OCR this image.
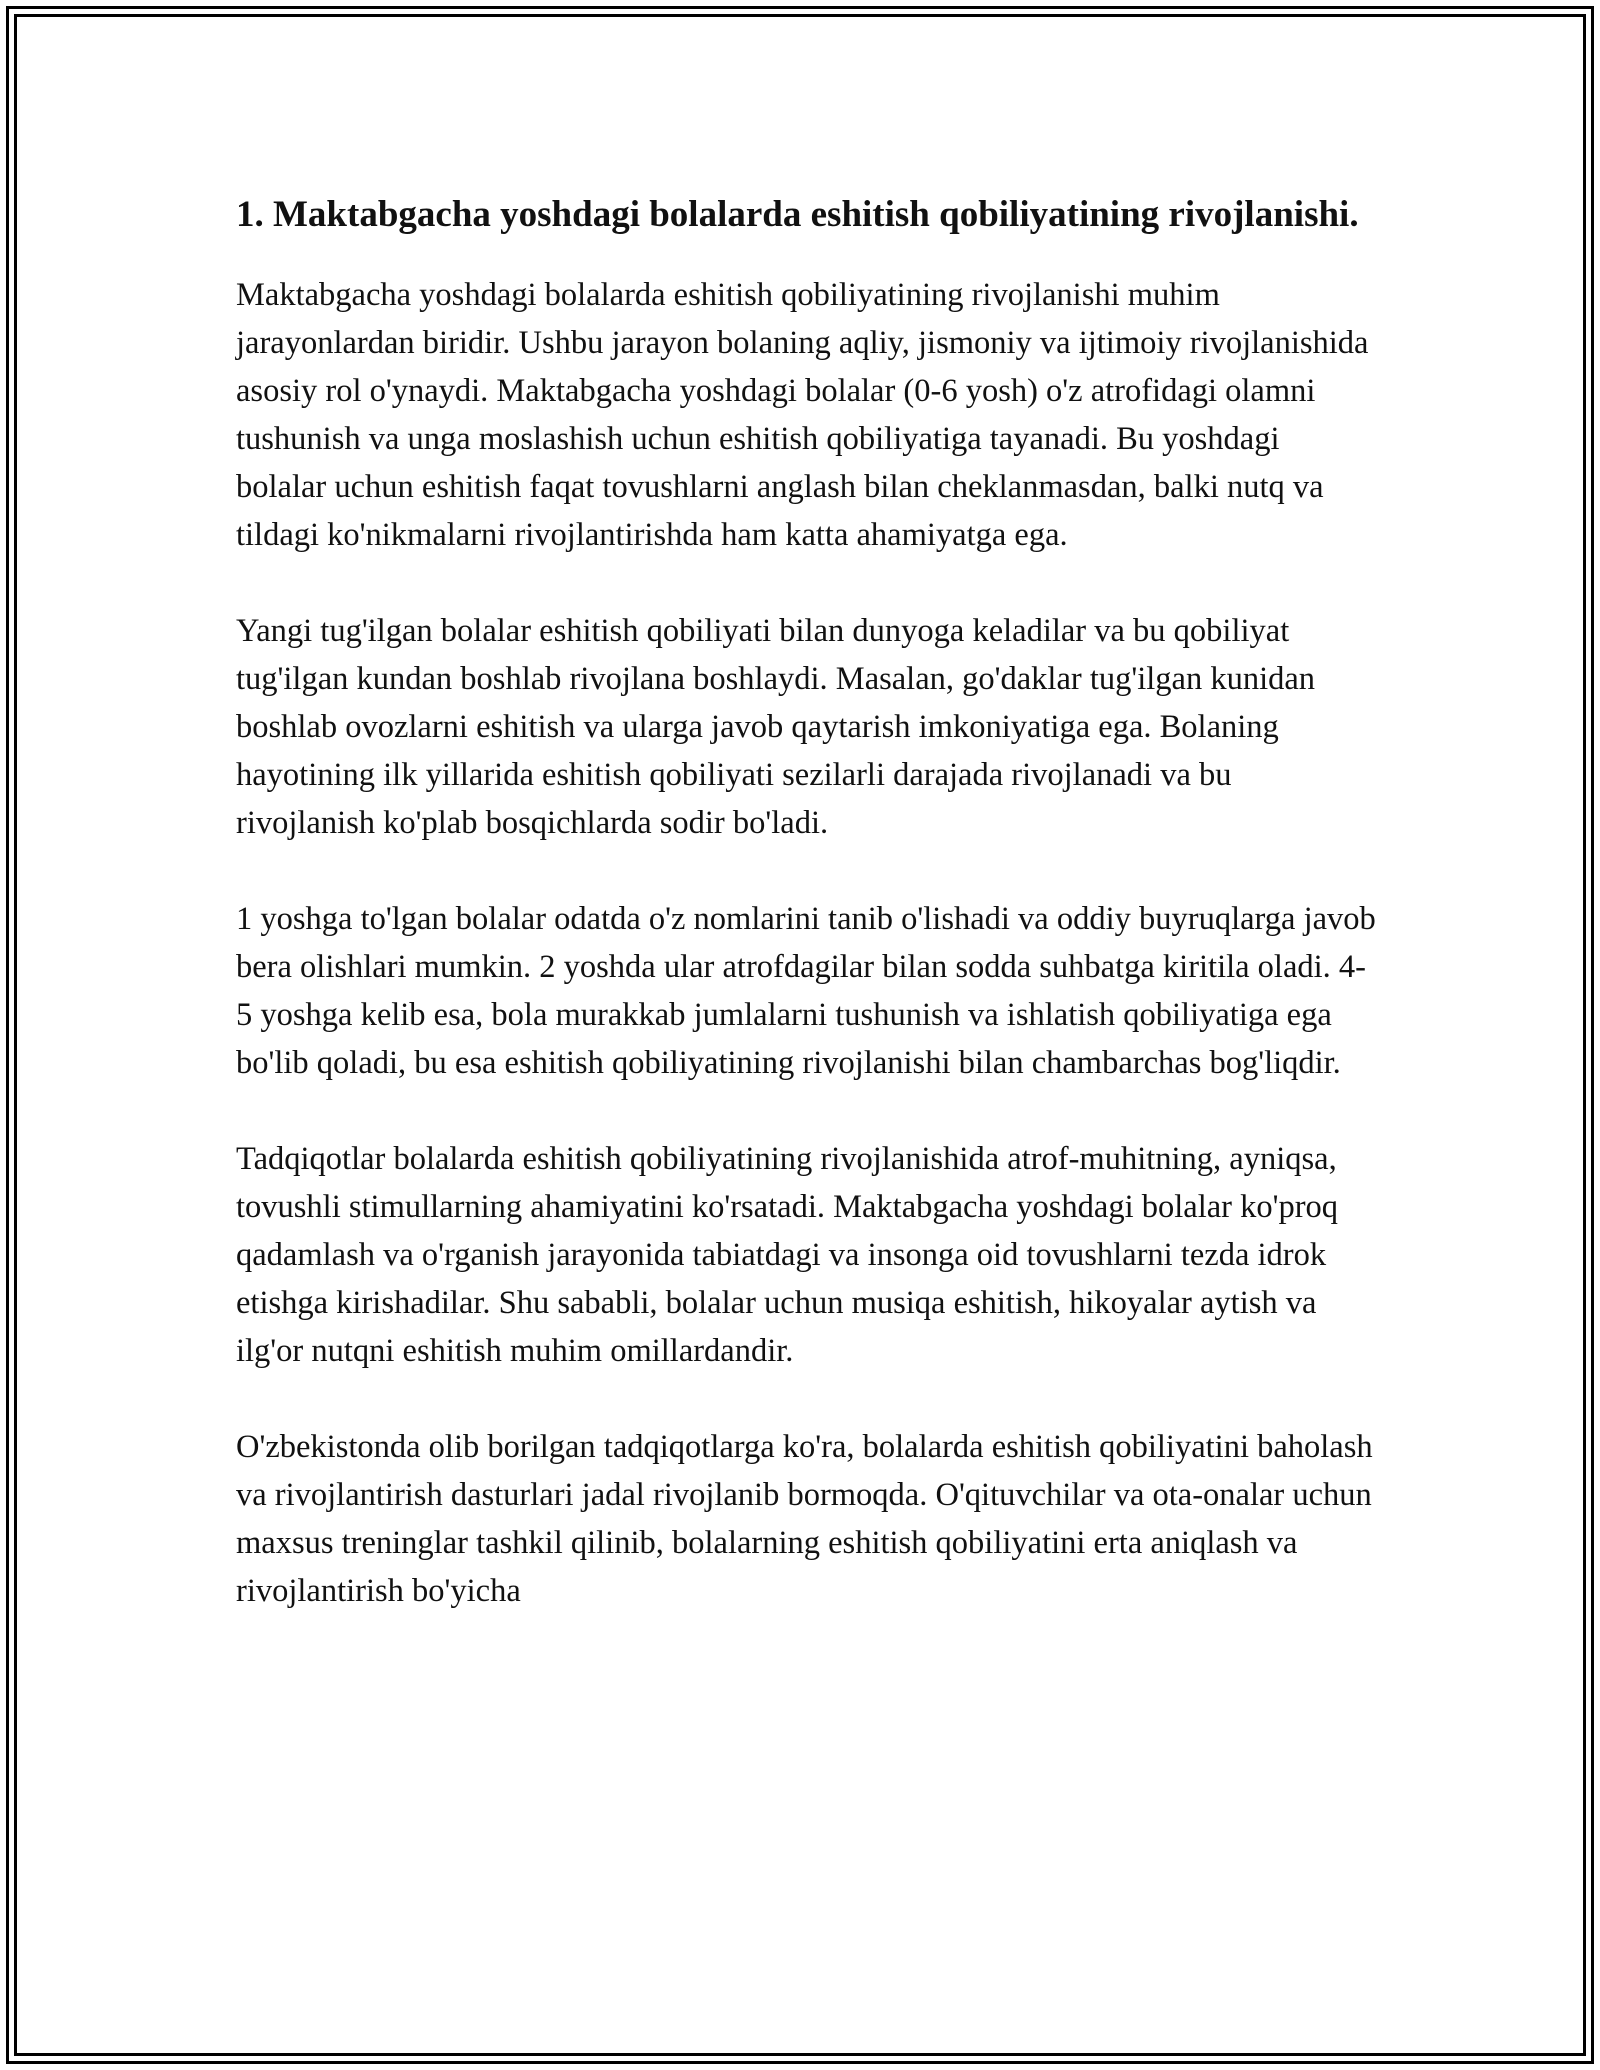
1. Maktabgacha yoshdagi bolalarda eshitish qobiliyatining rivojlanishi.

Maktabgacha yoshdagi bolalarda eshitish qobiliyatining rivojlanishi muhim jarayonlardan biridir. Ushbu jarayon bolaning aqliy, jismoniy va ijtimoiy rivojlanishida asosiy rol o'ynaydi. Maktabgacha yoshdagi bolalar (0-6 yosh) o'z atrofidagi olamni tushunish va unga moslashish uchun eshitish qobiliyatiga tayanadi. Bu yoshdagi bolalar uchun eshitish faqat tovushlarni anglash bilan cheklanmasdan, balki nutq va tildagi ko'nikmalarni rivojlantirishda ham katta ahamiyatga ega.

Yangi tug'ilgan bolalar eshitish qobiliyati bilan dunyoga keladilar va bu qobiliyat tug'ilgan kundan boshlab rivojlana boshlaydi. Masalan, go'daklar tug'ilgan kunidan boshlab ovozlarni eshitish va ularga javob qaytarish imkoniyatiga ega. Bolaning hayotining ilk yillarida eshitish qobiliyati sezilarli darajada rivojlanadi va bu rivojlanish ko'plab bosqichlarda sodir bo'ladi.

1 yoshga to'lgan bolalar odatda o'z nomlarini tanib o'lishadi va oddiy buyruqlarga javob bera olishlari mumkin. 2 yoshda ular atrofdagilar bilan sodda suhbatga kiritila oladi. 4-5 yoshga kelib esa, bola murakkab jumlalarni tushunish va ishlatish qobiliyatiga ega bo'lib qoladi, bu esa eshitish qobiliyatining rivojlanishi bilan chambarchas bog'liqdir.

Tadqiqotlar bolalarda eshitish qobiliyatining rivojlanishida atrof-muhitning, ayniqsa, tovushli stimullarning ahamiyatini ko'rsatadi. Maktabgacha yoshdagi bolalar ko'proq qadamlash va o'rganish jarayonida tabiatdagi va insonga oid tovushlarni tezda idrok etishga kirishadilar. Shu sababli, bolalar uchun musiqa eshitish, hikoyalar aytish va ilg'or nutqni eshitish muhim omillardandir.

O'zbekistonda olib borilgan tadqiqotlarga ko'ra, bolalarda eshitish qobiliyatini baholash va rivojlantirish dasturlari jadal rivojlanib bormoqda. O'qituvchilar va ota-onalar uchun maxsus treninglar tashkil qilinib, bolalarning eshitish qobiliyatini erta aniqlash va rivojlantirish bo'yicha
